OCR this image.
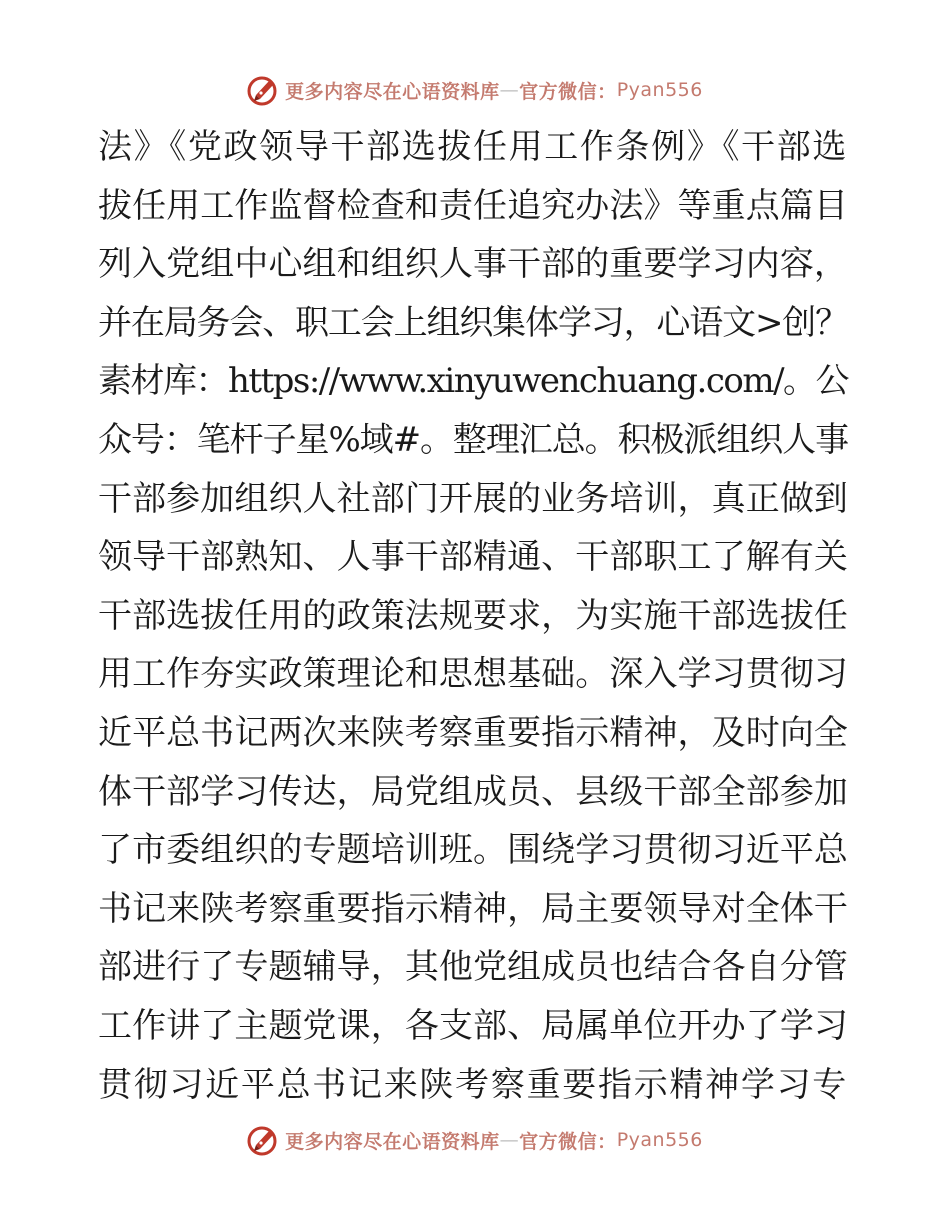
更多内容尽在心语资料库 — 官方微信： Pyan556
法》《党政领导干部选拔任用工作条例》《干部选
拔任用工作监督检查和责任追究办法》等重点篇目
列入党组中心组和组织人事干部的重要学习内容，
并在局务会、职工会上组织集体学习，心语文>创？
素材库：https://www.xinyuwenchuang.com/。公
众号：笔杆子星%域#。整理汇总。积极派组织人事
干部参加组织人社部门开展的业务培训，真正做到
领导干部熟知、人事干部精通、干部职工了解有关
干部选拔任用的政策法规要求，为实施干部选拔任
用工作夯实政策理论和思想基础。深入学习贯彻习
近平总书记两次来陕考察重要指示精神，及时向全
体干部学习传达，局党组成员、县级干部全部参加
了市委组织的专题培训班。围绕学习贯彻习近平总
书记来陕考察重要指示精神，局主要领导对全体干
部进行了专题辅导，其他党组成员也结合各自分管
工作讲了主题党课，各支部、局属单位开办了学习
贯彻习近平总书记来陕考察重要指示精神学习专
更多内容尽在心语资料库 — 官方微信： Pyan556
